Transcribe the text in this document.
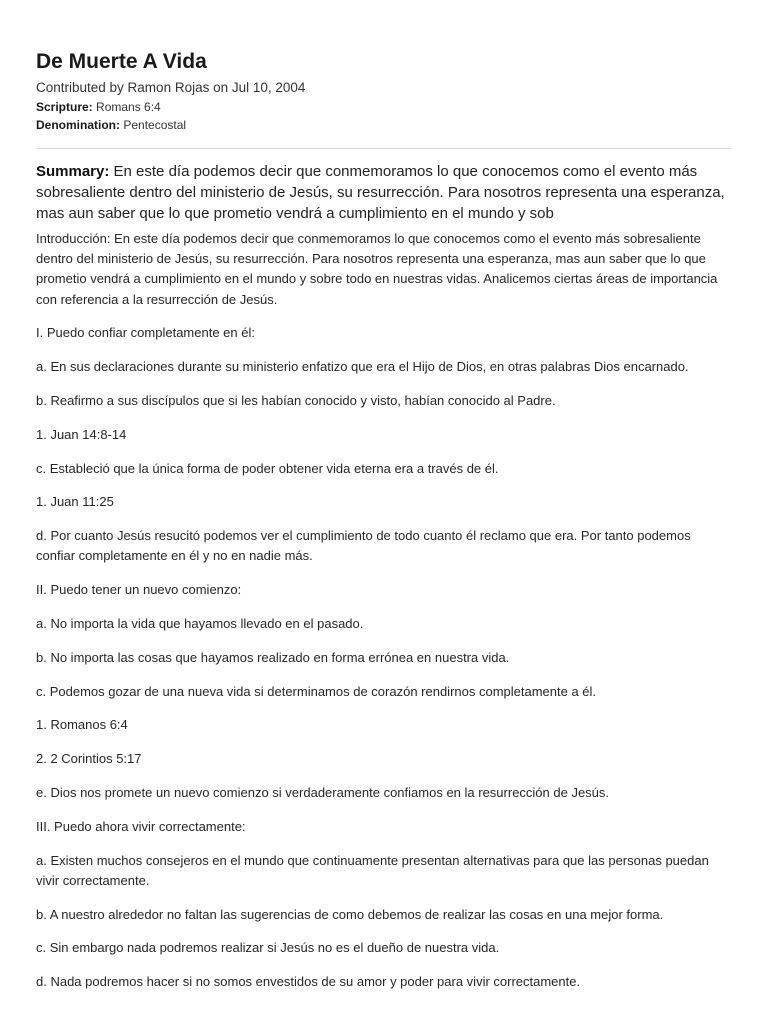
De Muerte A Vida
Contributed by Ramon Rojas on Jul 10, 2004
Scripture: Romans 6:4
Denomination: Pentecostal
Summary: En este día podemos decir que conmemoramos lo que conocemos como el evento más sobresaliente dentro del ministerio de Jesús, su resurrección. Para nosotros representa una esperanza, mas aun saber que lo que prometio vendrá a cumplimiento en el mundo y sob

Introducción: En este día podemos decir que conmemoramos lo que conocemos como el evento más sobresaliente dentro del ministerio de Jesús, su resurrección. Para nosotros representa una esperanza, mas aun saber que lo que prometio vendrá a cumplimiento en el mundo y sobre todo en nuestras vidas. Analicemos ciertas áreas de importancia con referencia a la resurrección de Jesús.

I. Puedo confiar completamente en él:

a. En sus declaraciones durante su ministerio enfatizo que era el Hijo de Dios, en otras palabras Dios encarnado.

b. Reafirmo a sus discípulos que si les habían conocido y visto, habían conocido al Padre.

1. Juan 14:8-14

c. Estableció que la única forma de poder obtener vida eterna era a través de él.

1. Juan 11:25

d. Por cuanto Jesús resucitó podemos ver el cumplimiento de todo cuanto él reclamo que era. Por tanto podemos confiar completamente en él y no en nadie más.

II. Puedo tener un nuevo comienzo:

a. No importa la vida que hayamos llevado en el pasado.

b. No importa las cosas que hayamos realizado en forma errónea en nuestra vida.

c. Podemos gozar de una nueva vida si determinamos de corazón rendirnos completamente a él.

1. Romanos 6:4

2. 2 Corintios 5:17

e. Dios nos promete un nuevo comienzo si verdaderamente confiamos en la resurrección de Jesús.

III. Puedo ahora vivir correctamente:

a. Existen muchos consejeros en el mundo que continuamente presentan alternativas para que las personas puedan vivir correctamente.

b. A nuestro alrededor no faltan las sugerencias de como debemos de realizar las cosas en una mejor forma.

c. Sin embargo nada podremos realizar si Jesús no es el dueño de nuestra vida.

d. Nada podremos hacer si no somos envestidos de su amor y poder para vivir correctamente.
